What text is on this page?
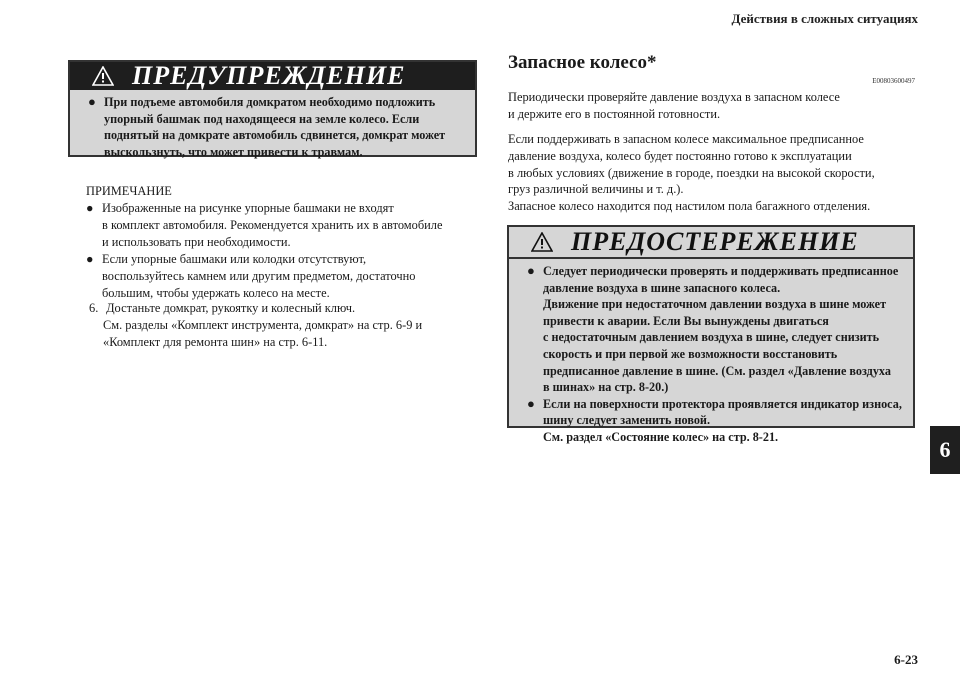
Действия в сложных ситуациях
6
6-23
ПРЕДУПРЕЖДЕНИЕ
● При подъеме автомобиля домкратом необходимо подложить
упорный башмак под находящееся на земле колесо. Если
поднятый на домкрате автомобиль сдвинется, домкрат может
выскользнуть, что может привести к травмам.
ПРИМЕЧАНИЕ
● Изображенные на рисунке упорные башмаки не входят
в комплект автомобиля. Рекомендуется хранить их в автомобиле
и использовать при необходимости.
● Если упорные башмаки или колодки отсутствуют,
воспользуйтесь камнем или другим предметом, достаточно
большим, чтобы удержать колесо на месте.
6. Достаньте домкрат, рукоятку и колесный ключ.
См. разделы «Комплект инструмента, домкрат» на стр. 6-9 и
«Комплект для ремонта шин» на стр. 6-11.
Запасное колесо*
E00803600497
Периодически проверяйте давление воздуха в запасном колесе
и держите его в постоянной готовности.
Если поддерживать в запасном колесе максимальное предписанное
давление воздуха, колесо будет постоянно готово к эксплуатации
в любых условиях (движение в городе, поездки на высокой скорости,
груз различной величины и т. д.).
Запасное колесо находится под настилом пола багажного отделения.
ПРЕДОСТЕРЕЖЕНИЕ
● Следует периодически проверять и поддерживать предписанное
давление воздуха в шине запасного колеса.
Движение при недостаточном давлении воздуха в шине может
привести к аварии. Если Вы вынуждены двигаться
с недостаточным давлением воздуха в шине, следует снизить
скорость и при первой же возможности восстановить
предписанное давление в шине. (См. раздел «Давление воздуха
в шинах» на стр. 8-20.)
● Если на поверхности протектора проявляется индикатор износа,
шину следует заменить новой.
См. раздел «Состояние колес» на стр. 8-21.
